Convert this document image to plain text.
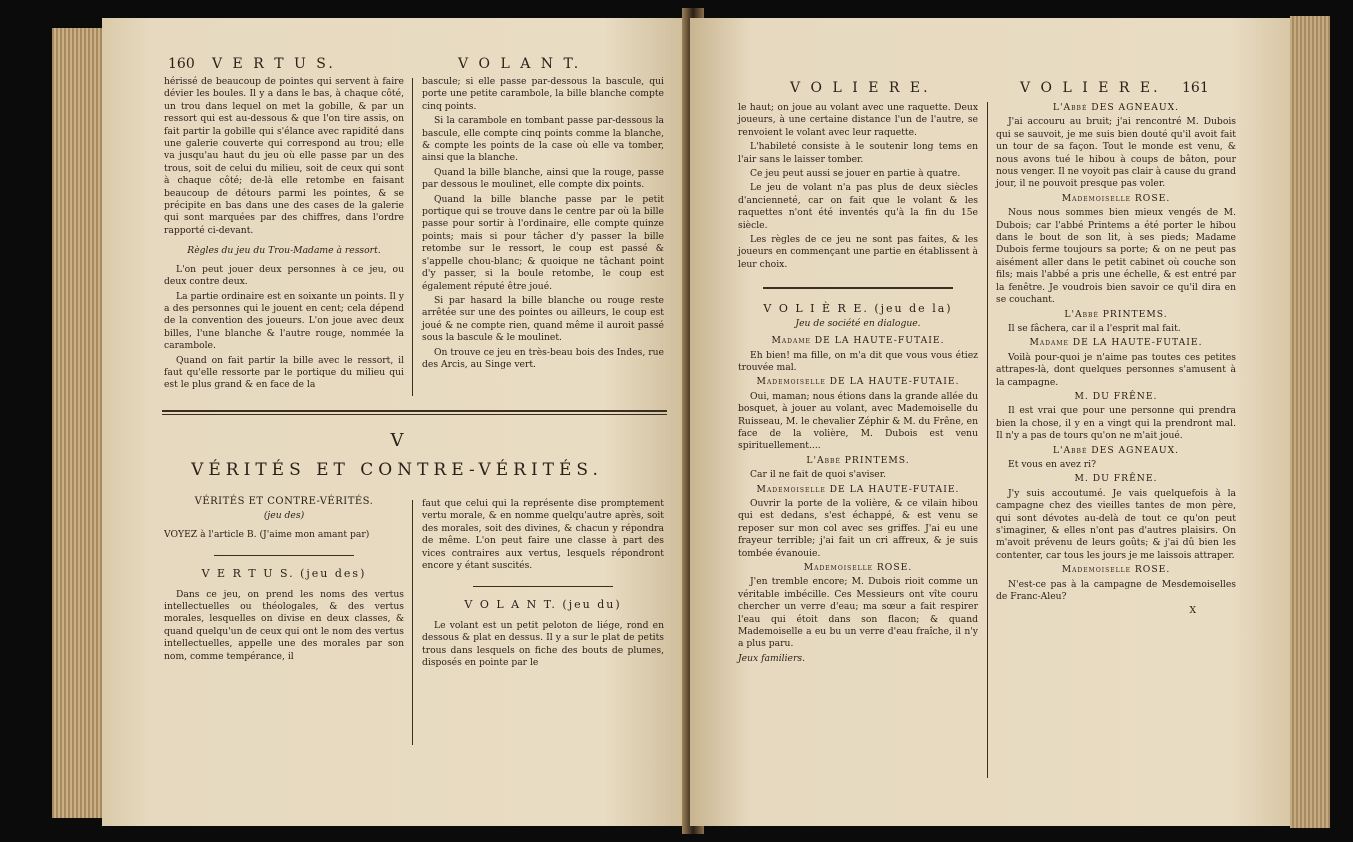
160 V E R T U S.	V O L A N T.

hérissé de beaucoup de pointes qui servent à faire dévier les boules. Il y a dans le bas, à chaque côté, un trou dans lequel on met la gobille, & par un ressort qui est au-dessous & que l'on tire assis, on fait partir la gobille qui s'élance avec rapidité dans une galerie couverte qui correspond au trou; elle va jusqu'au haut du jeu où elle passe par un des trous, soit de celui du milieu, soit de ceux qui sont à chaque côté; de-là elle retombe en faisant beaucoup de détours parmi les pointes, & se précipite en bas dans une des cases de la galerie qui sont marquées par des chiffres, dans l'ordre rapporté ci-devant.

Règles du jeu du Trou-Madame à ressort.

L'on peut jouer deux personnes à ce jeu, ou deux contre deux.

La partie ordinaire est en soixante un points. Il y a des personnes qui le jouent en cent; cela dépend de la convention des joueurs. L'on joue avec deux billes, l'une blanche & l'autre rouge, nommée la carambole.

Quand on fait partir la bille avec le ressort, il faut qu'elle ressorte par le portique du milieu qui est le plus grand & en face de la

bascule; si elle passe par-dessous la bascule, qui porte une petite carambole, la bille blanche compte cinq points.

Si la carambole en tombant passe par-dessous la bascule, elle compte cinq points comme la blanche, & compte les points de la case où elle va tomber, ainsi que la blanche.

Quand la bille blanche, ainsi que la rouge, passe par dessous le moulinet, elle compte dix points.

Quand la bille blanche passe par le petit portique qui se trouve dans le centre par où la bille passe pour sortir à l'ordinaire, elle compte quinze points; mais si pour tâcher d'y passer la bille retombe sur le ressort, le coup est passé & s'appelle chou-blanc; & quoique ne tâchant point d'y passer, si la boule retombe, le coup est également réputé être joué.

Si par hasard la bille blanche ou rouge reste arrêtée sur une des pointes ou ailleurs, le coup est joué & ne compte rien, quand même il auroit passé sous la bascule & le moulinet.

On trouve ce jeu en très-beau bois des Indes, rue des Arcis, au Singe vert.

V
VÉRITÉS ET CONTRE-VÉRITÉS.

VÉRITÉS ET CONTRE-VÉRITÉS.

(jeu des)

VOYEZ à l'article B. (J'aime mon amant par)

V E R T U S. (jeu des)

Dans ce jeu, on prend les noms des vertus intellectuelles ou théologales, & des vertus morales, lesquelles on divise en deux classes, & quand quelqu'un de ceux qui ont le nom des vertus intellectuelles, appelle une des morales par son nom, comme tempérance, il

faut que celui qui la représente dise promptement vertu morale, & en nomme quelqu'autre après, soit des morales, soit des divines, & chacun y répondra de même. L'on peut faire une classe à part des vices contraires aux vertus, lesquels répondront encore y étant suscités.

V O L A N T. (jeu du)

Le volant est un petit peloton de liége, rond en dessous & plat en dessus. Il y a sur le plat de petits trous dans lesquels on fiche des bouts de plumes, disposés en pointe par le

V O L I E R E.	V O L I E R E. 161

le haut; on joue au volant avec une raquette. Deux joueurs, à une certaine distance l'un de l'autre, se renvoient le volant avec leur raquette.

L'habileté consiste à le soutenir long tems en l'air sans le laisser tomber.

Ce jeu peut aussi se jouer en partie à quatre.

Le jeu de volant n'a pas plus de deux siècles d'ancienneté, car on fait que le volant & les raquettes n'ont été inventés qu'à la fin du 15e siècle.

Les règles de ce jeu ne sont pas faites, & les joueurs en commençant une partie en établissent à leur choix.

V O L I È R E. (jeu de la)

Jeu de société en dialogue.

Madame DE LA HAUTE-FUTAIE.

Eh bien! ma fille, on m'a dit que vous vous étiez trouvée mal.

Mademoiselle DE LA HAUTE-FUTAIE.

Oui, maman; nous étions dans la grande allée du bosquet, à jouer au volant, avec Mademoiselle du Ruisseau, M. le chevalier Zéphir & M. du Frêne, en face de la volière, M. Dubois est venu spirituellement....

L'Abbé PRINTEMS.

Car il ne fait de quoi s'aviser.

Mademoiselle DE LA HAUTE-FUTAIE.

Ouvrir la porte de la volière, & ce vilain hibou qui est dedans, s'est échappé, & est venu se reposer sur mon col avec ses griffes. J'ai eu une frayeur terrible; j'ai fait un cri affreux, & je suis tombée évanouie.

Mademoiselle ROSE.

J'en tremble encore; M. Dubois rioit comme un véritable imbécille. Ces Messieurs ont vîte couru chercher un verre d'eau; ma sœur a fait respirer l'eau qui étoit dans son flacon; & quand Mademoiselle a eu bu un verre d'eau fraîche, il n'y a plus paru.

Jeux familiers.

L'Abbé DES AGNEAUX.

J'ai accouru au bruit; j'ai rencontré M. Dubois qui se sauvoit, je me suis bien douté qu'il avoit fait un tour de sa façon. Tout le monde est venu, & nous avons tué le hibou à coups de bâton, pour nous venger. Il ne voyoit pas clair à cause du grand jour, il ne pouvoit presque pas voler.

Mademoiselle ROSE.

Nous nous sommes bien mieux vengés de M. Dubois; car l'abbé Printems a été porter le hibou dans le bout de son lit, à ses pieds; Madame Dubois ferme toujours sa porte; & on ne peut pas aisément aller dans le petit cabinet où couche son fils; mais l'abbé a pris une échelle, & est entré par la fenêtre. Je voudrois bien savoir ce qu'il dira en se couchant.

L'Abbé PRINTEMS.

Il se fâchera, car il a l'esprit mal fait.

Madame DE LA HAUTE-FUTAIE.

Voilà pour-quoi je n'aime pas toutes ces petites attrapes-là, dont quelques personnes s'amusent à la campagne.

M. DU FRÊNE.

Il est vrai que pour une personne qui prendra bien la chose, il y en a vingt qui la prendront mal. Il n'y a pas de tours qu'on ne m'ait joué.

L'Abbé DES AGNEAUX.

Et vous en avez ri?

M. DU FRÊNE.

J'y suis accoutumé. Je vais quelquefois à la campagne chez des vieilles tantes de mon père, qui sont dévotes au-delà de tout ce qu'on peut s'imaginer, & elles n'ont pas d'autres plaisirs. On m'avoit prévenu de leurs goûts; & j'ai dû bien les contenter, car tous les jours je me laissois attraper.

Mademoiselle ROSE.

N'est-ce pas à la campagne de Mesdemoiselles de Franc-Aleu?

X
